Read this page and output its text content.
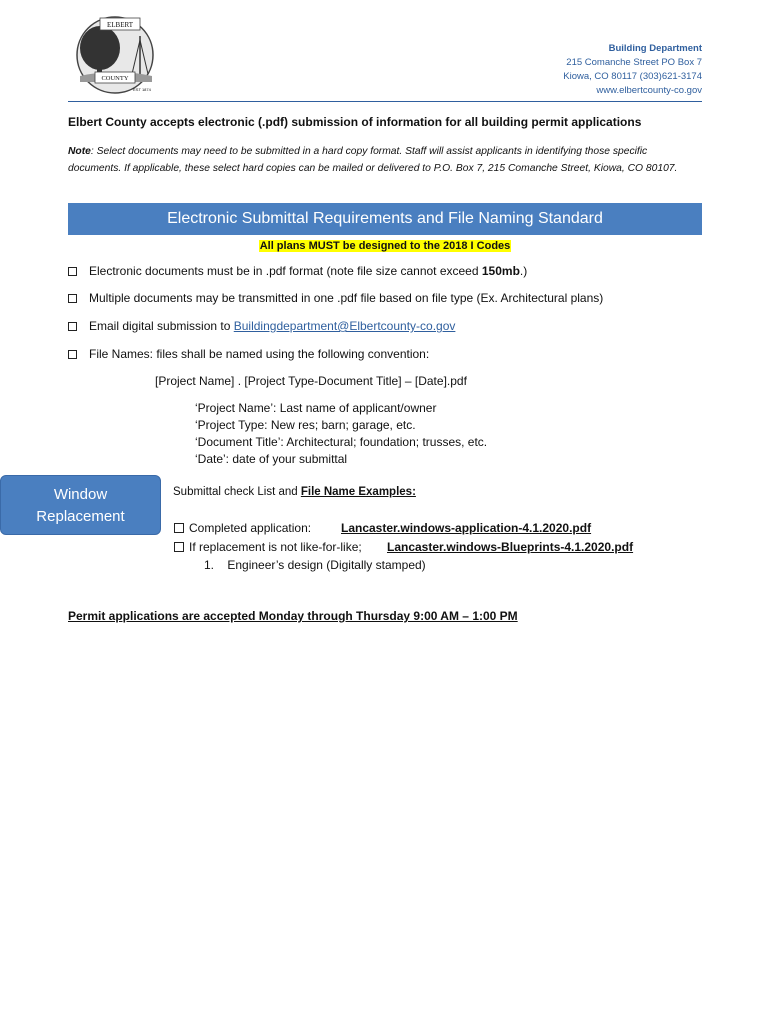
ELBERT
COUNTY
EST 1874
Building Department
215 Comanche Street PO Box 7
Kiowa, CO 80117 (303)621-3174
www.elbertcounty-co.gov
Elbert County accepts electronic (.pdf) submission of information for all building permit applications
Note: Select documents may need to be submitted in a hard copy format. Staff will assist applicants in identifying those specific documents. If applicable, these select hard copies can be mailed or delivered to P.O. Box 7, 215 Comanche Street, Kiowa, CO 80107.
Electronic Submittal Requirements and File Naming Standard
All plans MUST be designed to the 2018 I Codes
Electronic documents must be in .pdf format (note file size cannot exceed
150mb .)
Multiple documents may be transmitted in one .pdf file based on file type (Ex. Architectural plans)
Email digital submission to
Buildingdepartment@Elbertcounty-co.gov
File Names: files shall be named using the following convention:
[Project Name] . [Project Type-Document Title] – [Date].pdf
‘Project Name’: Last name of applicant/owner
‘Project Type: New res; barn; garage, etc.
‘Document Title’: Architectural; foundation; trusses, etc.
‘Date’: date of your submittal
Window
Replacement
Submittal check List and File Name Examples:
Completed application:	Lancaster.windows-application-4.1.2020.pdf
If replacement is not like-for-like;	Lancaster.windows-Blueprints-4.1.2020.pdf
1.    Engineer’s design (Digitally stamped)
Permit applications are accepted Monday through Thursday 9:00 AM – 1:00 PM
